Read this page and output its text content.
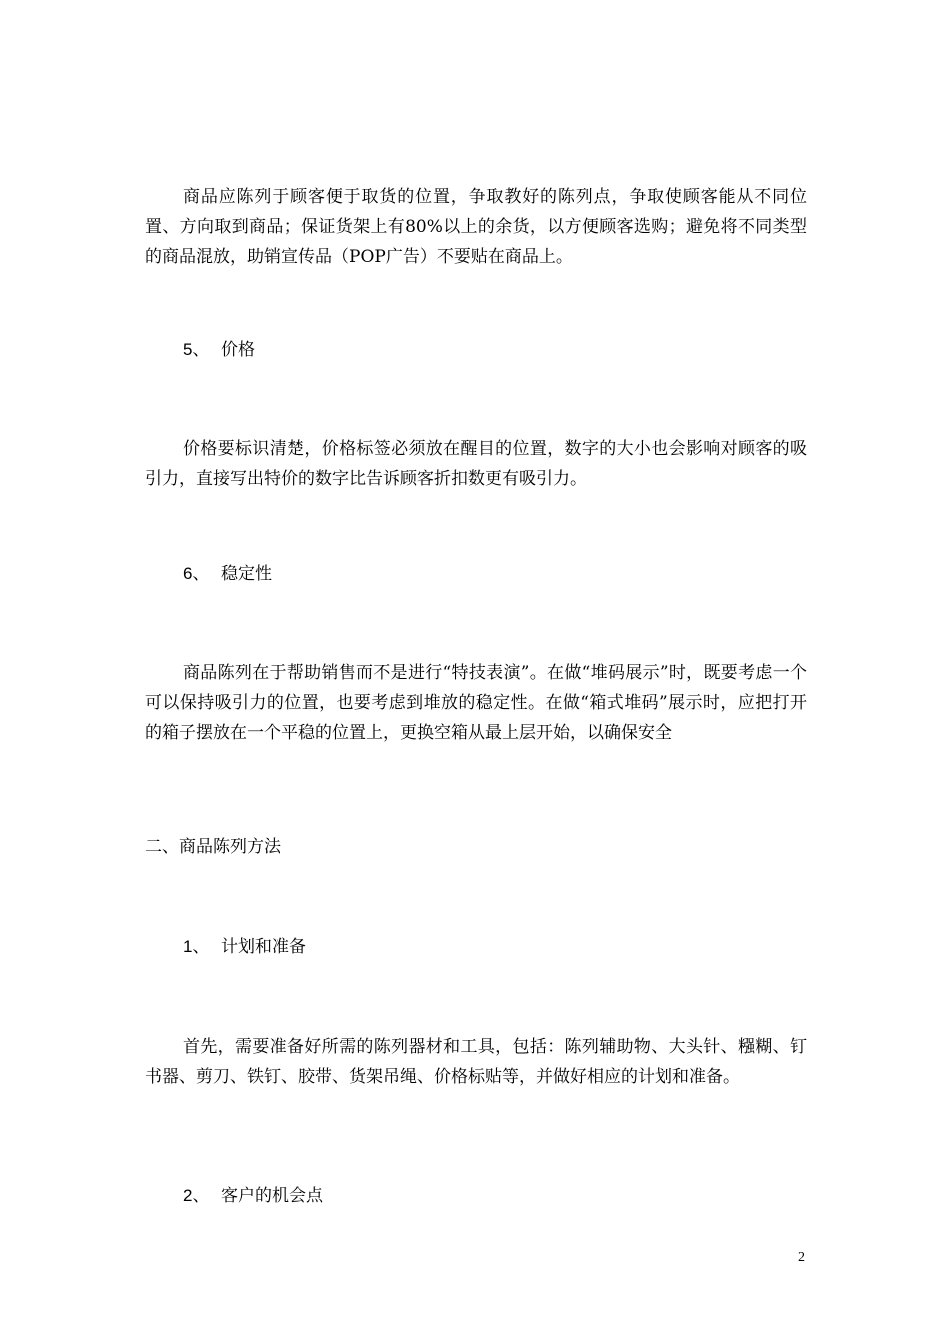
商品应陈列于顾客便于取货的位置，争取教好的陈列点，争取使顾客能从不同位置、方向取到商品；保证货架上有80%以上的余货，以方便顾客选购；避免将不同类型的商品混放，助销宣传品（POP广告）不要贴在商品上。

5、 价格

价格要标识清楚，价格标签必须放在醒目的位置，数字的大小也会影响对顾客的吸引力，直接写出特价的数字比告诉顾客折扣数更有吸引力。

6、 稳定性

商品陈列在于帮助销售而不是进行“特技表演”。在做“堆码展示”时，既要考虑一个可以保持吸引力的位置，也要考虑到堆放的稳定性。在做“箱式堆码”展示时，应把打开的箱子摆放在一个平稳的位置上，更换空箱从最上层开始，以确保安全

二、商品陈列方法
1、 计划和准备

首先，需要准备好所需的陈列器材和工具，包括：陈列辅助物、大头针、糨糊、钉书器、剪刀、铁钉、胶带、货架吊绳、价格标贴等，并做好相应的计划和准备。

2、 客户的机会点
2
